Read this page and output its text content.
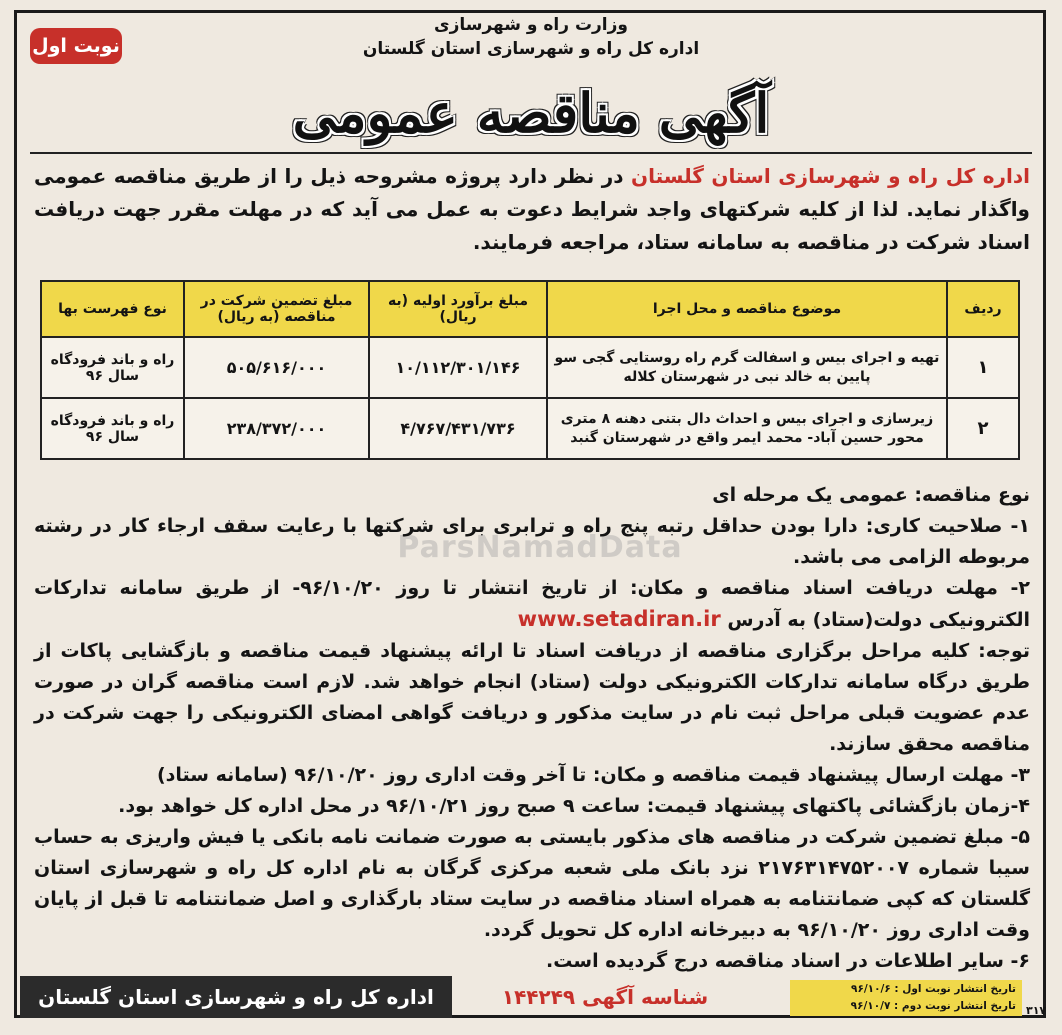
وزارت راه و شهرسازی
اداره کل راه و شهرسازی استان گلستان
نوبت اول
آگهی مناقصه عمومی
اداره کل راه و شهرسازی استان گلستان در نظر دارد پروژه مشروحه ذیل را از طریق مناقصه عمومی واگذار نماید. لذا از کلیه شرکتهای واجد شرایط دعوت به عمل می آید که در مهلت مقرر جهت دریافت اسناد شرکت در مناقصه به سامانه ستاد، مراجعه فرمایند.
ردیف	موضوع مناقصه و محل اجرا	مبلغ برآورد اولیه (به ریال)	مبلغ تضمین شرکت در مناقصه (به ریال)	نوع فهرست بها
۱	تهیه و اجرای بیس و اسفالت گرم راه روستایی گجی سو پایین به خالد نبی در شهرستان کلاله	۱۰/۱۱۲/۳۰۱/۱۴۶	۵۰۵/۶۱۶/۰۰۰	راه و باند فرودگاه سال ۹۶
۲	زیرسازی و اجرای بیس و احداث دال بتنی دهنه ۸ متری محور حسین آباد- محمد ایمر واقع در شهرستان گنبد	۴/۷۶۷/۴۳۱/۷۳۶	۲۳۸/۳۷۲/۰۰۰	راه و باند فرودگاه سال ۹۶
ParsNamadData

نوع مناقصه: عمومی یک مرحله ای

۱- صلاحیت کاری: دارا بودن حداقل رتبه پنج راه و ترابری برای شرکتها با رعایت سقف ارجاء کار در رشته مربوطه الزامی می باشد.

۲- مهلت دریافت اسناد مناقصه و مکان: از تاریخ انتشار تا روز ۹۶/۱۰/۲۰- از طریق سامانه تدارکات الکترونیکی دولت(ستاد) به آدرس www.setadiran.ir

توجه: کلیه مراحل برگزاری مناقصه از دریافت اسناد تا ارائه پیشنهاد قیمت مناقصه و بازگشایی پاکات از طریق درگاه سامانه تدارکات الکترونیکی دولت (ستاد) انجام خواهد شد. لازم است مناقصه گران در صورت عدم عضویت قبلی مراحل ثبت نام در سایت مذکور و دریافت گواهی امضای الکترونیکی را جهت شرکت در مناقصه محقق سازند.

۳- مهلت ارسال پیشنهاد قیمت مناقصه و مکان: تا آخر وقت اداری روز ۹۶/۱۰/۲۰ (سامانه ستاد)

۴-زمان بازگشائی پاکتهای پیشنهاد قیمت: ساعت ۹ صبح روز ۹۶/۱۰/۲۱ در محل اداره کل خواهد بود.

۵- مبلغ تضمین شرکت در مناقصه های مذکور بایستی به صورت ضمانت نامه بانکی یا فیش واریزی به حساب سیبا شماره ۲۱۷۶۳۱۴۷۵۲۰۰۷ نزد بانک ملی شعبه مرکزی گرگان به نام اداره کل راه و شهرسازی استان گلستان که کپی ضمانتنامه به همراه اسناد مناقصه در سایت ستاد بارگذاری و اصل ضمانتنامه تا قبل از پایان وقت اداری روز ۹۶/۱۰/۲۰ به دبیرخانه اداره کل تحویل گردد.

۶- سایر اطلاعات در اسناد مناقصه درج گردیده است.

اداره کل راه و شهرسازی استان گلستان	شناسه آگهی ۱۴۴۲۴۹	تاریخ انتشار نوبت اول : ۹۶/۱۰/۶
تاریخ انتشار نوبت دوم : ۹۶/۱۰/۷ ۳۱۷
